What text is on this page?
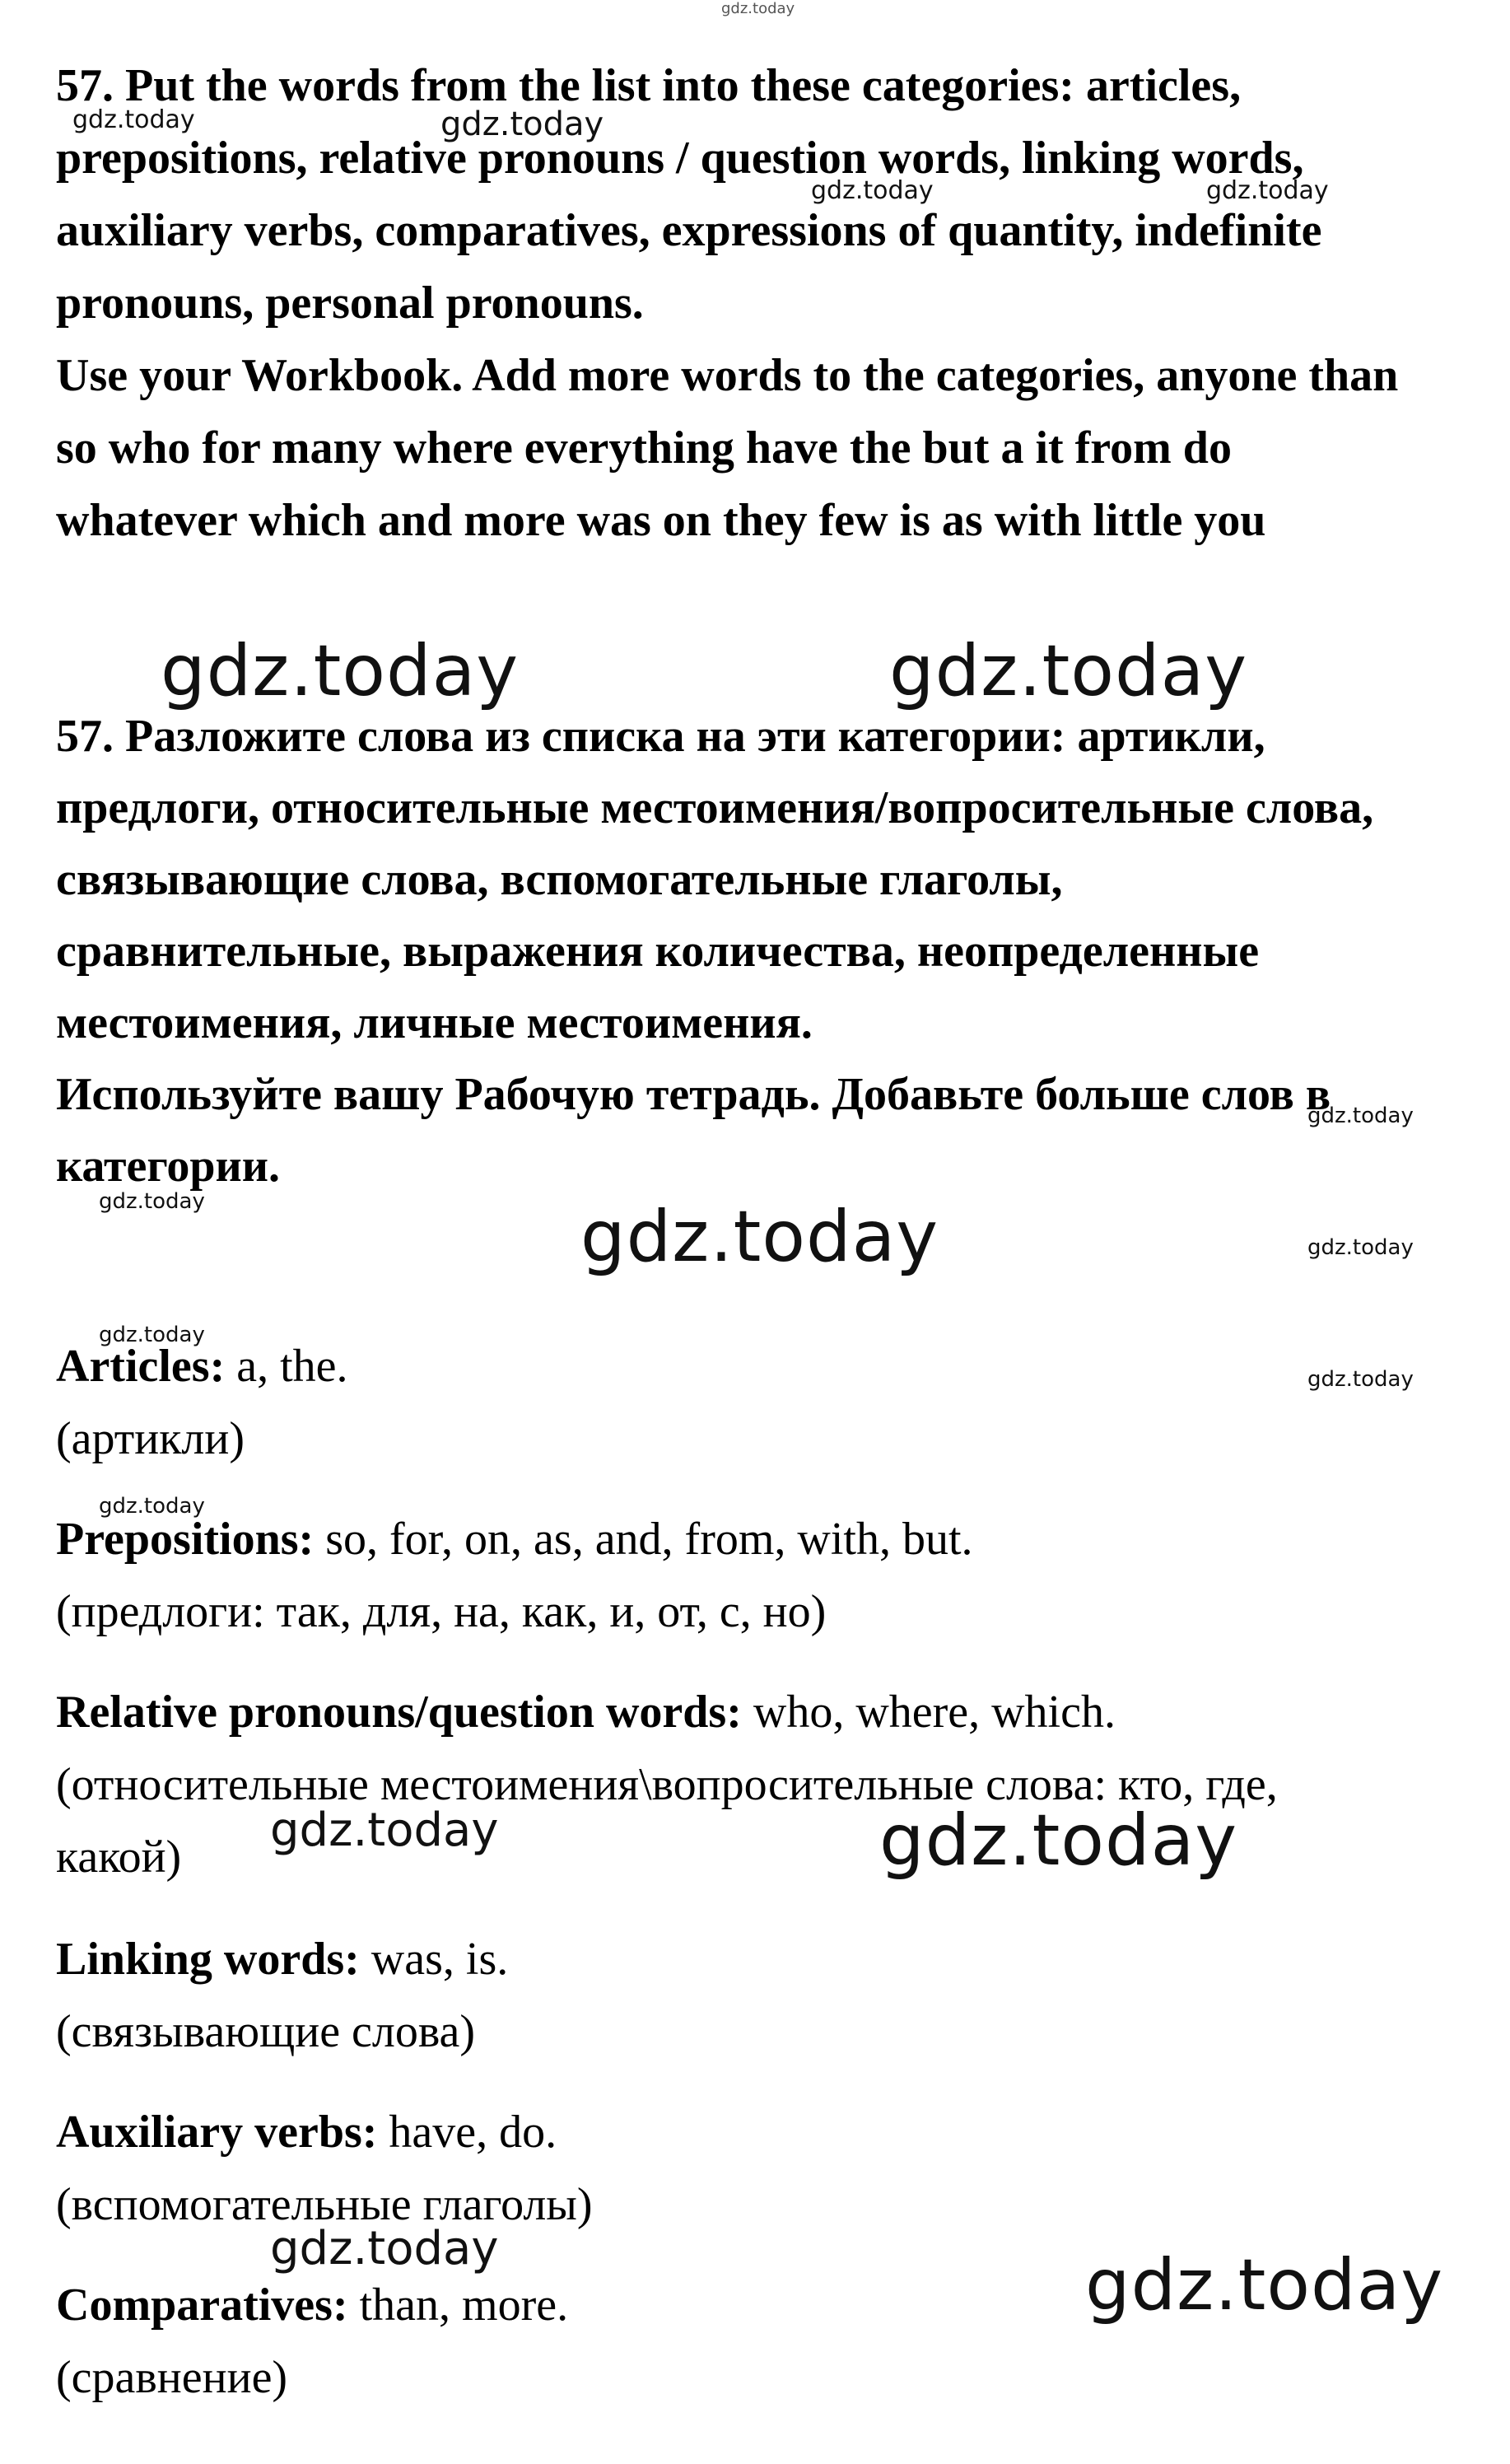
57. Put the words from the list into these categories: articles,
prepositions, relative pronouns / question words, linking words,
auxiliary verbs, comparatives, expressions of quantity, indefinite
pronouns, personal pronouns.
Use your Workbook. Add more words to the categories, anyone than
so who for many where everything have the but a it from do
whatever which and more was on they few is as with little you
57. Разложите слова из списка на эти категории: артикли,
предлоги, относительные местоимения/вопросительные слова,
связывающие слова, вспомогательные глаголы,
сравнительные, выражения количества, неопределенные
местоимения, личные местоимения.
Используйте вашу Рабочую тетрадь. Добавьте больше слов в
категории.
Articles: a, the.
(артикли)
Prepositions: so, for, on, as, and, from, with, but.
(предлоги: так, для, на, как, и, от, с, но)
Relative pronouns/question words: who, where, which.
(относительные местоимения\вопросительные слова: кто, где,
какой)
Linking words: was, is.
(связывающие слова)
Auxiliary verbs: have, do.
(вспомогательные глаголы)
Comparatives: than, more.
(сравнение)
gdz.today
gdz.today	gdz.today
gdz.today	gdz.today
gdz.today	gdz.today
gdz.today
gdz.today	gdz.today	gdz.today
gdz.today
gdz.today
gdz.today
gdz.today	gdz.today
gdz.today	gdz.today
